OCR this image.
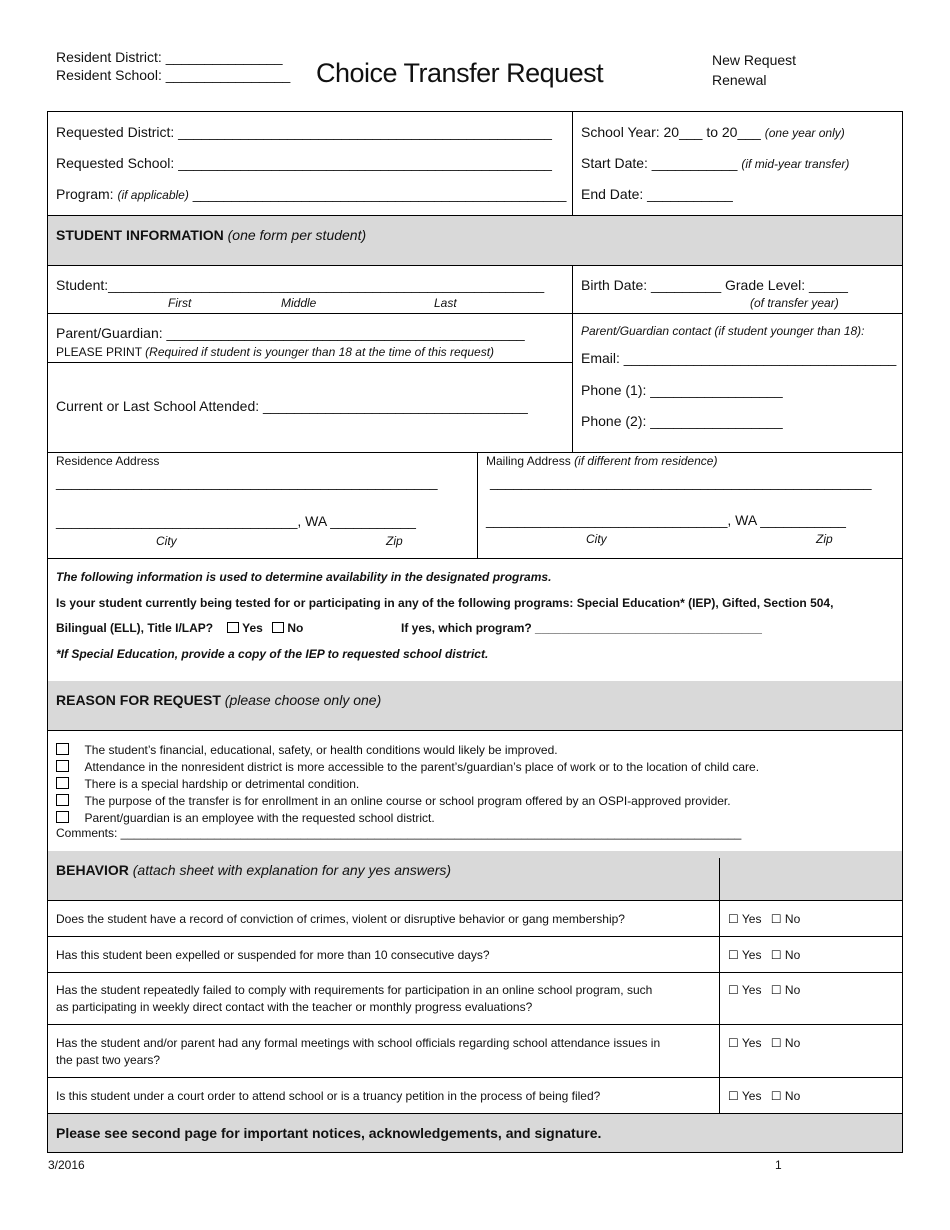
Resident District: _______________
Resident School: ________________ Choice Transfer Request	New Request
Renewal
Requested District: ________________________________________________
Requested School: ________________________________________________
Program: (if applicable) ________________________________________________
School Year: 20___ to 20___ (one year only)
Start Date: ___________ (if mid-year transfer)
End Date: ___________
STUDENT INFORMATION (one form per student)
Student:________________________________________________________
First	Middle	Last
Birth Date: _________ Grade Level: _____
(of transfer year)
Parent/Guardian: ______________________________________________
PLEASE PRINT (Required if student is younger than 18 at the time of this request)
Parent/Guardian contact (if student younger than 18):
Email: ___________________________________
Phone (1): _________________
Phone (2): _________________
Current or Last School Attended: __________________________________
Residence Address
_________________________________________________
_______________________________, WA ___________
City	Zip
Mailing Address (if different from residence)
_________________________________________________
_______________________________, WA ___________
City	Zip
The following information is used to determine availability in the designated programs.
Is your student currently being tested for or participating in any of the following programs: Special Education* (IEP), Gifted, Section 504,
Bilingual (ELL), Title I/LAP?	Yes	No	If yes, which program? __________________________________
*If Special Education, provide a copy of the IEP to requested school district.
REASON FOR REQUEST (please choose only one)
The student’s financial, educational, safety, or health conditions would likely be improved.
Attendance in the nonresident district is more accessible to the parent’s/guardian’s place of work or to the location of child care.
There is a special hardship or detrimental condition.
The purpose of the transfer is for enrollment in an online course or school program offered by an OSPI-approved provider.
Parent/guardian is an employee with the requested school district.
Comments: _____________________________________________________________________________________________
BEHAVIOR (attach sheet with explanation for any yes answers)
Does the student have a record of conviction of crimes, violent or disruptive behavior or gang membership?	☐ Yes ☐ No
Has this student been expelled or suspended for more than 10 consecutive days?	☐ Yes ☐ No
Has the student repeatedly failed to comply with requirements for participation in an online school program, such
as participating in weekly direct contact with the teacher or monthly progress evaluations?
☐ Yes ☐ No
Has the student and/or parent had any formal meetings with school officials regarding school attendance issues in
the past two years?
☐ Yes ☐ No
Is this student under a court order to attend school or is a truancy petition in the process of being filed?	☐ Yes ☐ No
Please see second page for important notices, acknowledgements, and signature.
3/2016	1
